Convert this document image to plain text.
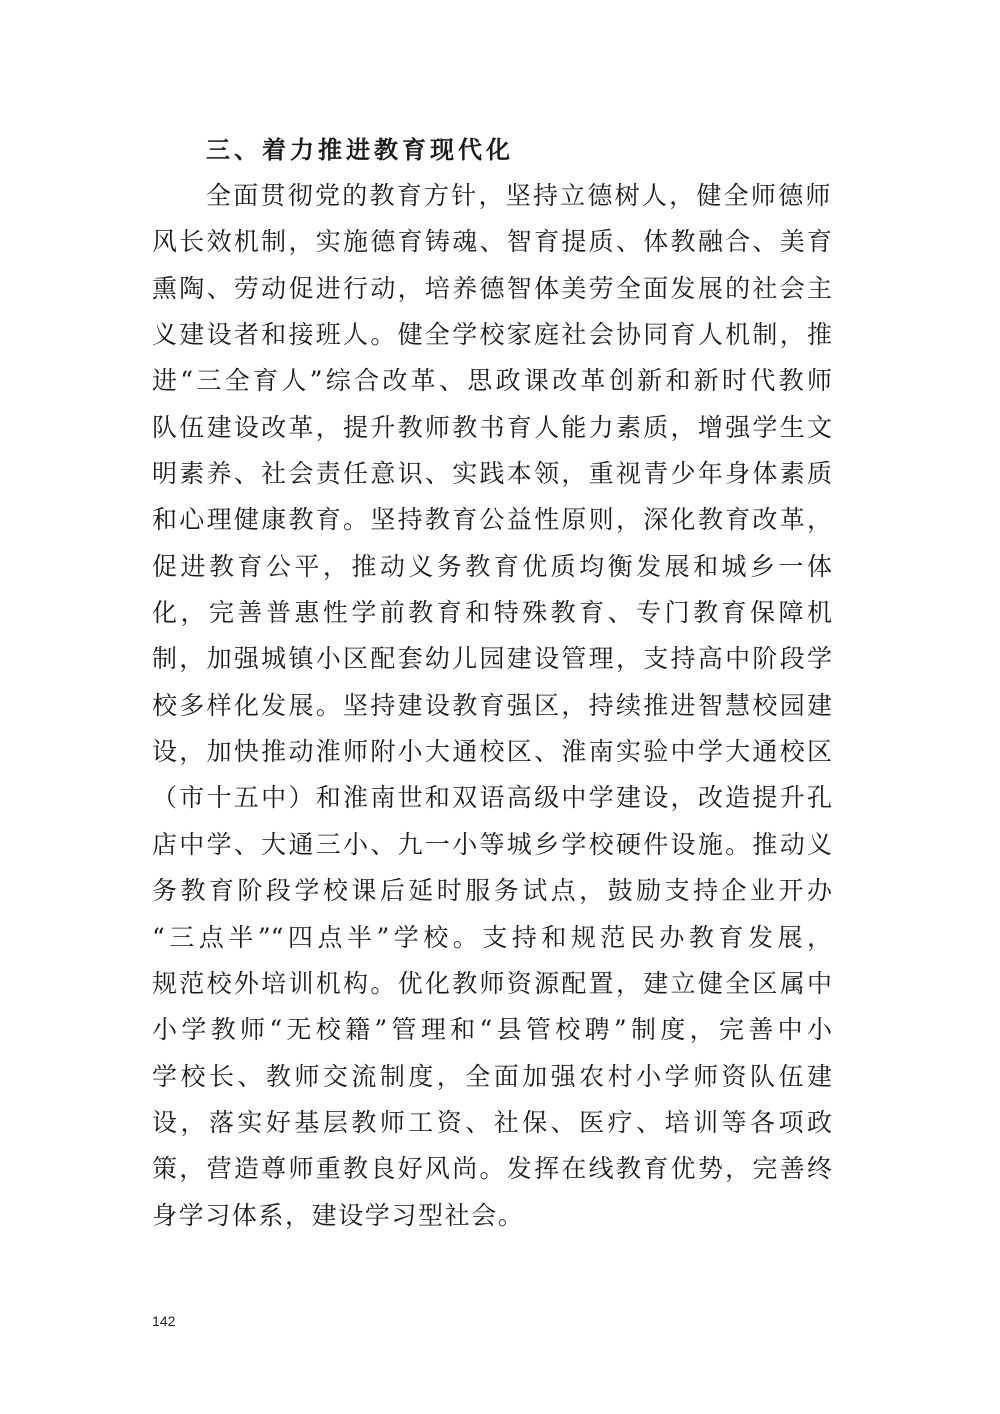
三、着力推进教育现代化
全面贯彻党的教育方针，坚持立德树人，健全师德师
风长效机制，实施德育铸魂、智育提质、体教融合、美育
熏陶、劳动促进行动，培养德智体美劳全面发展的社会主
义建设者和接班人。健全学校家庭社会协同育人机制，推
进“三全育人”综合改革、思政课改革创新和新时代教师
队伍建设改革，提升教师教书育人能力素质，增强学生文
明素养、社会责任意识、实践本领，重视青少年身体素质
和心理健康教育。坚持教育公益性原则，深化教育改革，
促进教育公平，推动义务教育优质均衡发展和城乡一体
化，完善普惠性学前教育和特殊教育、专门教育保障机
制，加强城镇小区配套幼儿园建设管理，支持高中阶段学
校多样化发展。坚持建设教育强区，持续推进智慧校园建
设，加快推动淮师附小大通校区、淮南实验中学大通校区
（市十五中）和淮南世和双语高级中学建设，改造提升孔
店中学、大通三小、九一小等城乡学校硬件设施。推动义
务教育阶段学校课后延时服务试点，鼓励支持企业开办
“三点半”“四点半”学校。支持和规范民办教育发展，
规范校外培训机构。优化教师资源配置，建立健全区属中
小学教师“无校籍”管理和“县管校聘”制度，完善中小
学校长、教师交流制度，全面加强农村小学师资队伍建
设，落实好基层教师工资、社保、医疗、培训等各项政
策，营造尊师重教良好风尚。发挥在线教育优势，完善终
身学习体系，建设学习型社会。
142
